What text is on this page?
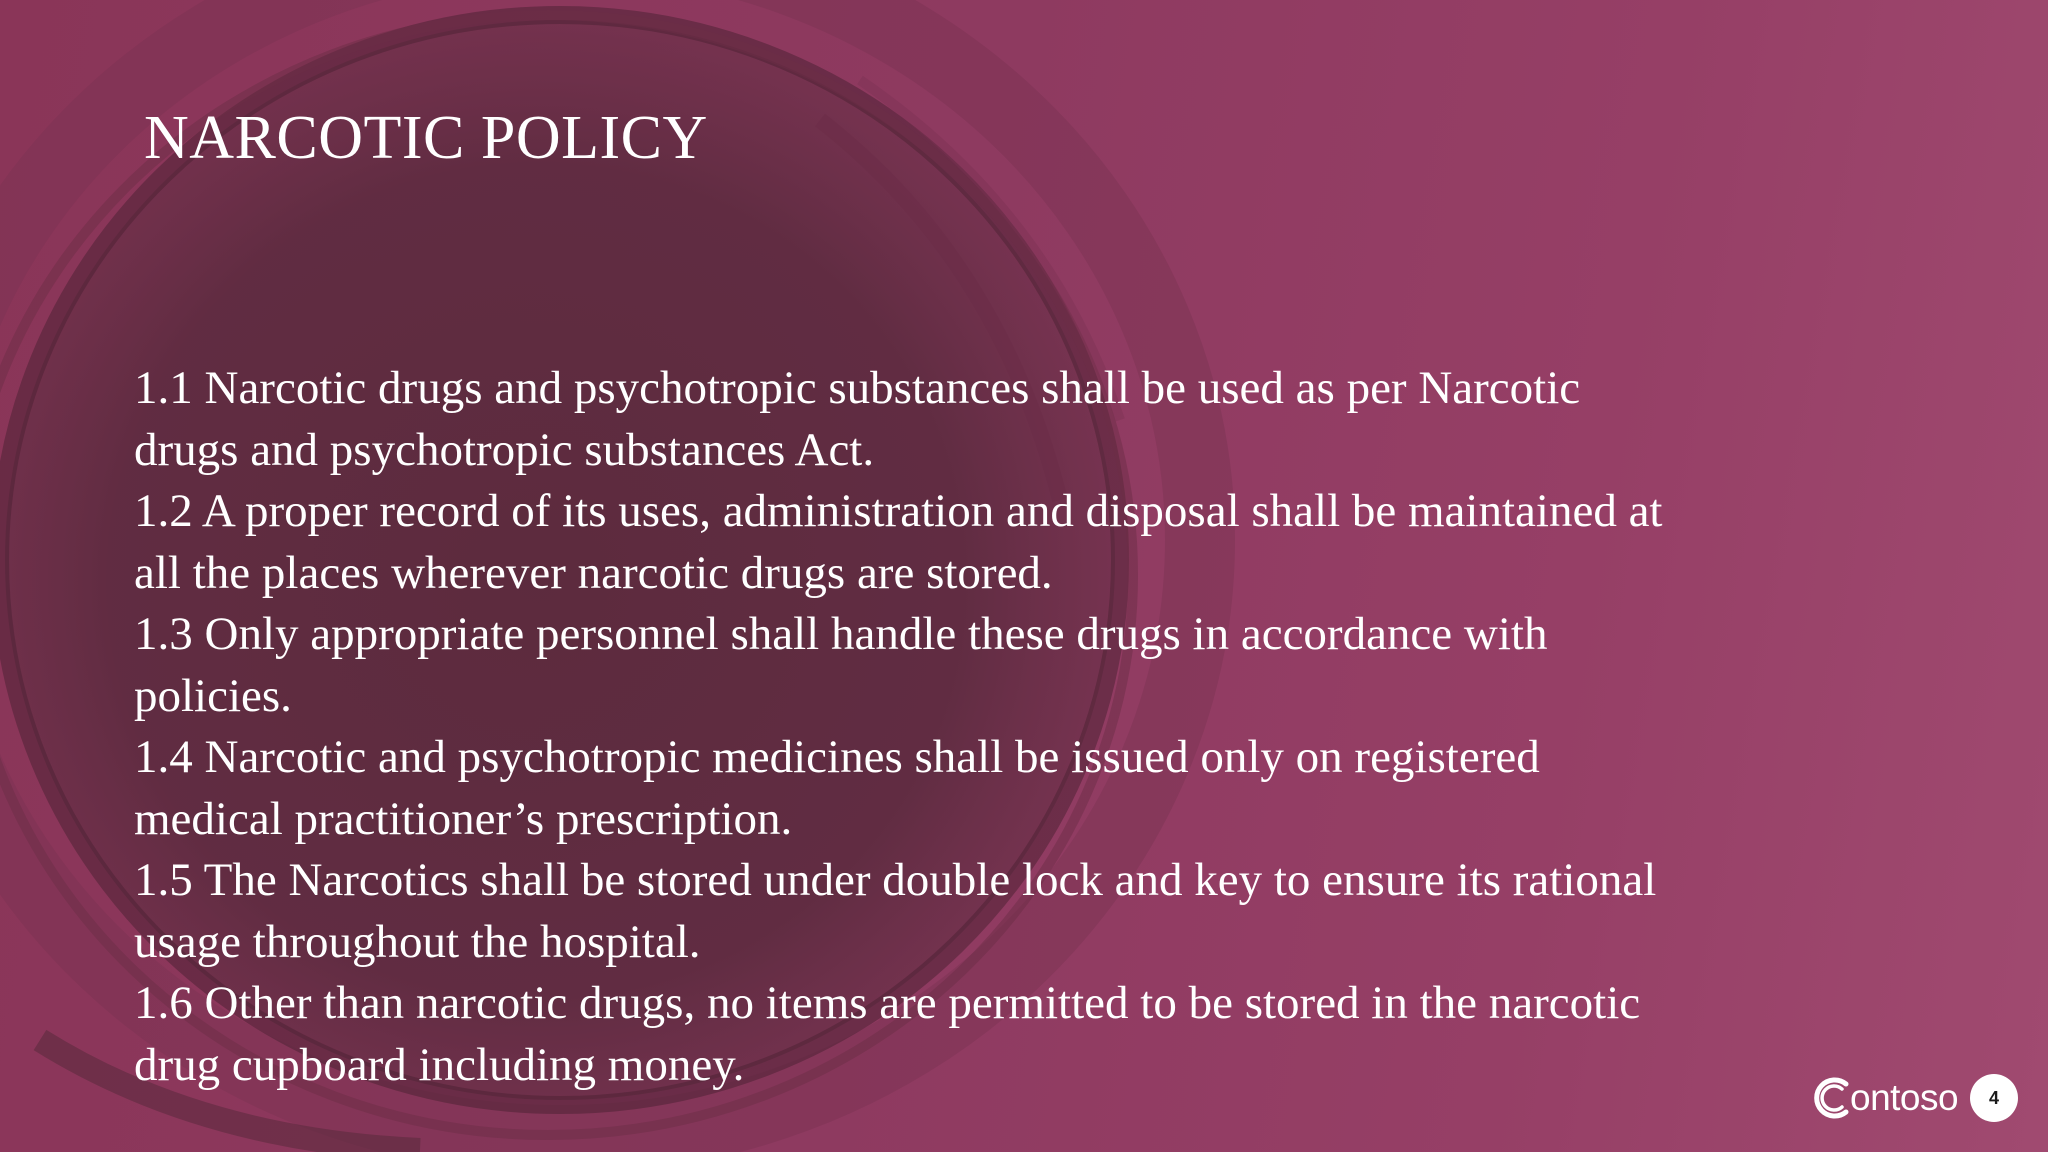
NARCOTIC POLICY

1.1 Narcotic drugs and psychotropic substances shall be used as per Narcotic drugs and psychotropic substances Act.

1.2 A proper record of its uses, administration and disposal shall be maintained at all the places wherever narcotic drugs are stored.

1.3 Only appropriate personnel shall handle these drugs in accordance with policies.

1.4 Narcotic and psychotropic medicines shall be issued only on registered medical practitioner’s prescription.

1.5 The Narcotics shall be stored under double lock and key to ensure its rational usage throughout the hospital.

1.6 Other than narcotic drugs, no items are permitted to be stored in the narcotic drug cupboard including money.

ontoso	4
